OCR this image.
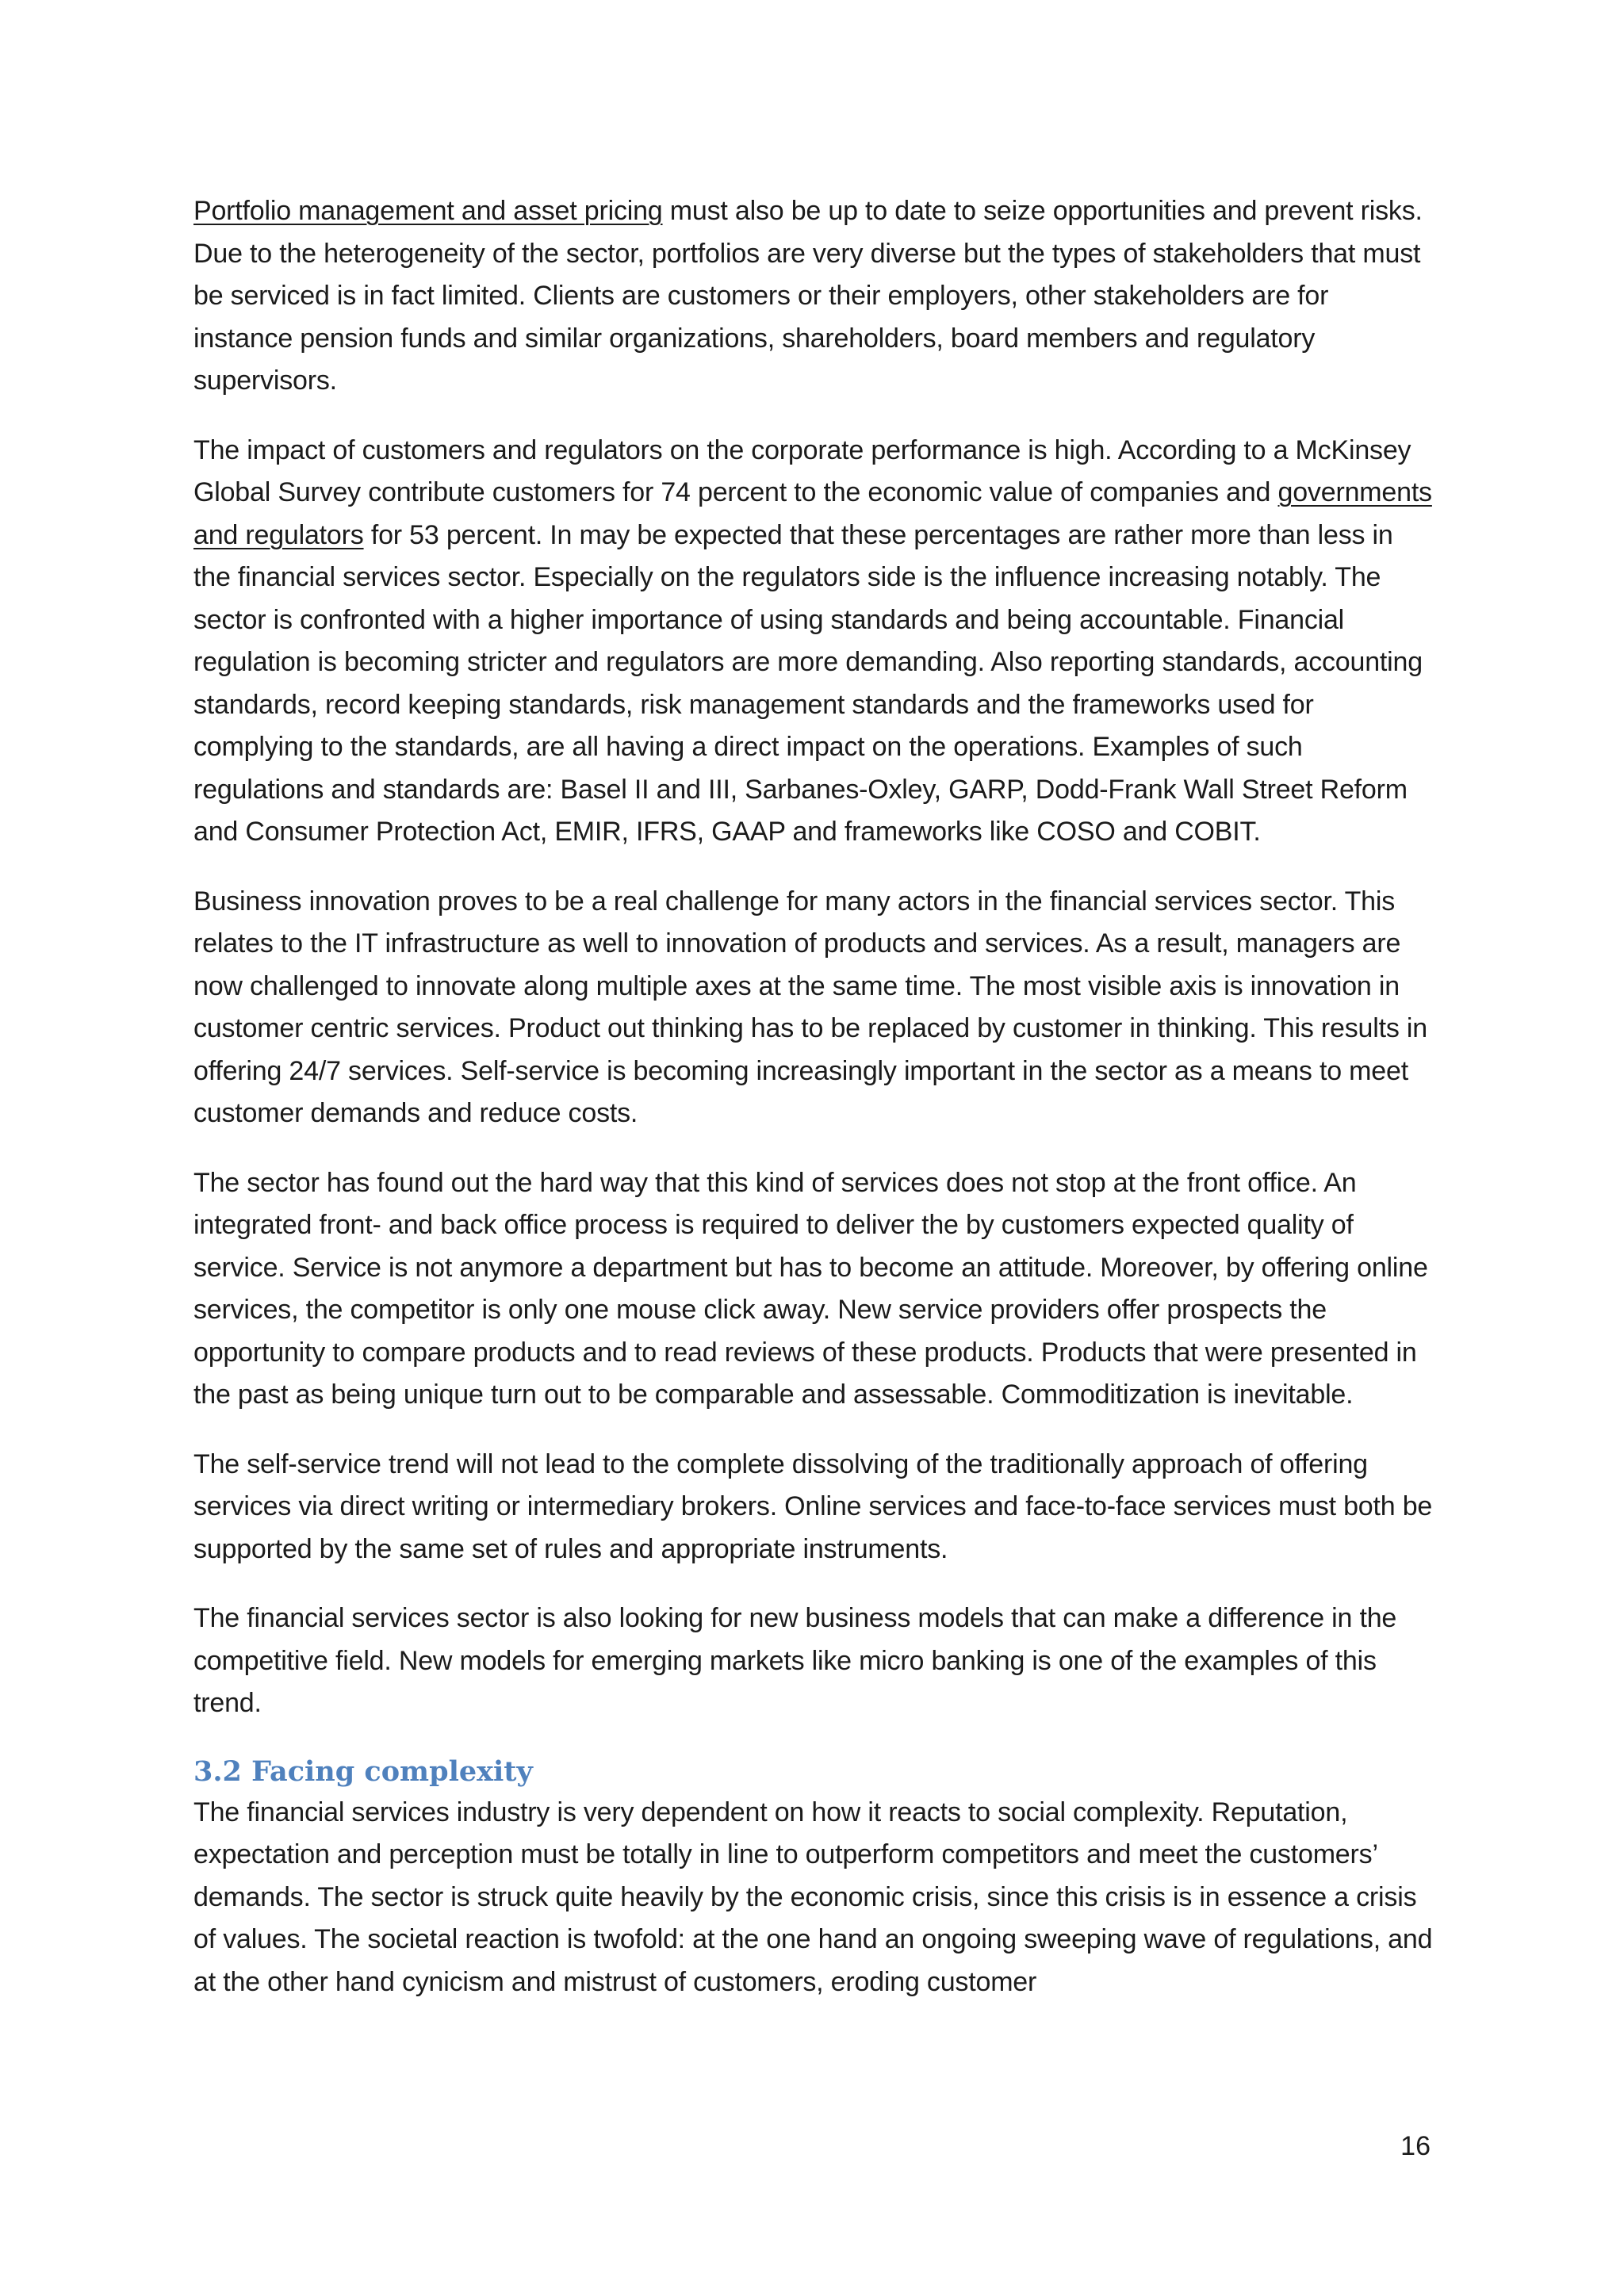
Portfolio management and asset pricing must also be up to date to seize opportunities and prevent risks. Due to the heterogeneity of the sector, portfolios are very diverse but the types of stakeholders that must be serviced is in fact limited. Clients are customers or their employers, other stakeholders are for instance pension funds and similar organizations, shareholders, board members and regulatory supervisors.

The impact of customers and regulators on the corporate performance is high. According to a McKinsey Global Survey contribute customers for 74 percent to the economic value of companies and governments and regulators for 53 percent. In may be expected that these percentages are rather more than less in the financial services sector. Especially on the regulators side is the influence increasing notably. The sector is confronted with a higher importance of using standards and being accountable. Financial regulation is becoming stricter and regulators are more demanding. Also reporting standards, accounting standards, record keeping standards, risk management standards and the frameworks used for complying to the standards, are all having a direct impact on the operations. Examples of such regulations and standards are: Basel II and III, Sarbanes-Oxley, GARP, Dodd-Frank Wall Street Reform and Consumer Protection Act, EMIR, IFRS, GAAP and frameworks like COSO and COBIT.

Business innovation proves to be a real challenge for many actors in the financial services sector. This relates to the IT infrastructure as well to innovation of products and services. As a result, managers are now challenged to innovate along multiple axes at the same time. The most visible axis is innovation in customer centric services. Product out thinking has to be replaced by customer in thinking. This results in offering 24/7 services. Self-service is becoming increasingly important in the sector as a means to meet customer demands and reduce costs.

The sector has found out the hard way that this kind of services does not stop at the front office. An integrated front- and back office process is required to deliver the by customers expected quality of service. Service is not anymore a department but has to become an attitude. Moreover, by offering online services, the competitor is only one mouse click away. New service providers offer prospects the opportunity to compare products and to read reviews of these products. Products that were presented in the past as being unique turn out to be comparable and assessable. Commoditization is inevitable.

The self-service trend will not lead to the complete dissolving of the traditionally approach of offering services via direct writing or intermediary brokers. Online services and face-to-face services must both be supported by the same set of rules and appropriate instruments.

The financial services sector is also looking for new business models that can make a difference in the competitive field. New models for emerging markets like micro banking is one of the examples of this trend.

3.2 Facing complexity

The financial services industry is very dependent on how it reacts to social complexity. Reputation, expectation and perception must be totally in line to outperform competitors and meet the customers’ demands. The sector is struck quite heavily by the economic crisis, since this crisis is in essence a crisis of values. The societal reaction is twofold: at the one hand an ongoing sweeping wave of regulations, and at the other hand cynicism and mistrust of customers, eroding customer

16
